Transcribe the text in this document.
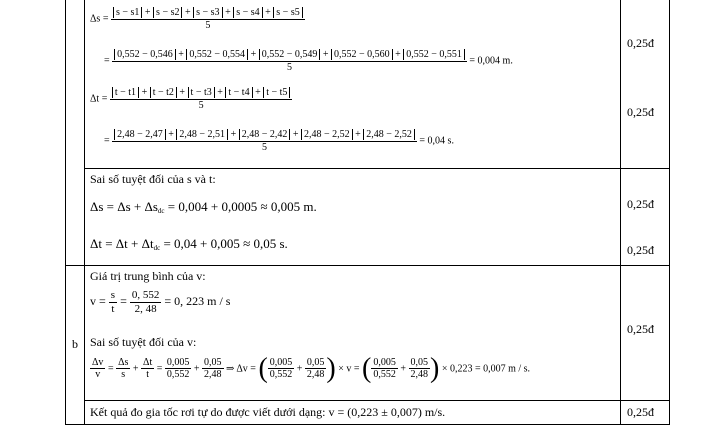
b
0,25đ
0,25đ
0,25đ
0,25đ
0,25đ
0,25đ
Δs =
s − s1 + s − s2 + s − s3 + s − s4 + s − s5
5
=
0,552 − 0,546 + 0,552 − 0,554 + 0,552 − 0,549 + 0,552 − 0,560 + 0,552 − 0,551
5
= 0,004 m.
Δt =
t − t1 + t − t2 + t − t3 + t − t4 + t − t5
5
=
2,48 − 2,47 + 2,48 − 2,51 + 2,48 − 2,42 + 2,48 − 2,52 + 2,48 − 2,52
5
= 0,04 s.
Sai số tuyệt đối của s và t:
$\Delta s = \Delta s + \Delta s_{dc} = 0,004 + 0,0005 \approx 0,005$ m.
$\Delta t = \Delta t + \Delta t_{dc} = 0,04 + 0,005 \approx 0,05$ s.
Giá trị trung bình của v:
$v = \frac{s}{t} = \frac{0, 552}{2, 48} = 0$, 223 m / s
Sai số tuyệt đối của v:
$\frac{\Delta v}{v} = \frac{\Delta s}{s} + \frac{\Delta t}{t} = \frac{0,005}{0,552} + \frac{0,05}{2,48}$ ⇒ Δv = ( $\frac{0,005}{0,552} + \frac{0,05}{2,48}$ ) × v = ( $\frac{0,005}{0,552} + \frac{0,05}{2,48}$ ) × 0,223 = 0,007 m / s.
Kết quả đo gia tốc rơi tự do được viết dưới dạng: v = (0,223 ± 0,007) m/s.
